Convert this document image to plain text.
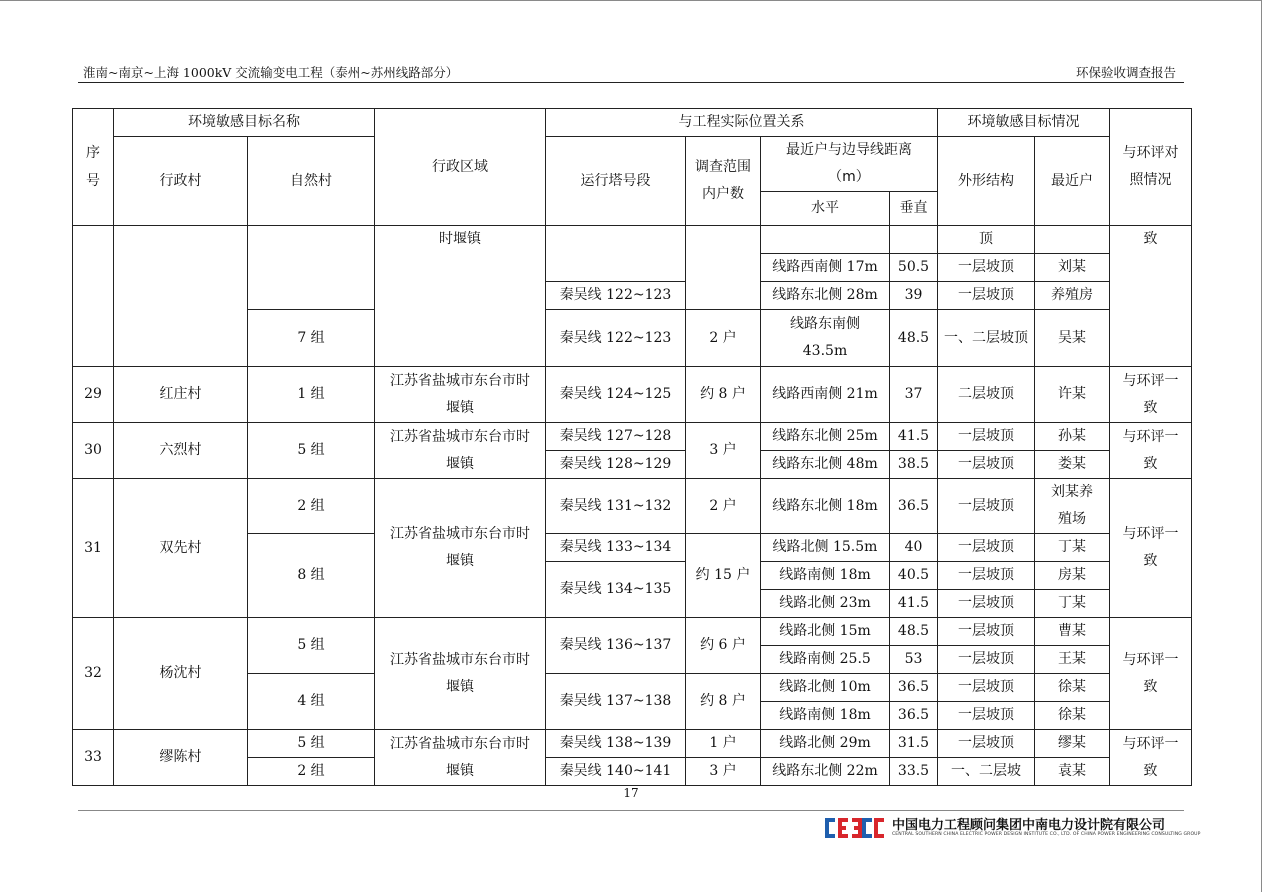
淮南~南京~上海 1000kV 交流输变电工程（泰州~苏州线路部分）	环保验收调查报告
序号	环境敏感目标名称		行政区域	与工程实际位置关系				环境敏感目标情况		与环评对照情况
	行政村	自然村		运行塔号段	调查范围内户数	最近户与边导线距离（m）		外形结构	最近户	
						水平	垂直			
			时堰镇					顶		致
						线路西南侧 17m	50.5	一层坡顶	刘某	
				秦吴线 122~123		线路东北侧 28m	39	一层坡顶	养殖房	
		7 组		秦吴线 122~123	2 户	线路东南侧 43.5m	48.5	一、二层坡顶	吴某	
29	红庄村	1 组	江苏省盐城市东台市时堰镇	秦吴线 124~125	约 8 户	线路西南侧 21m	37	二层坡顶	许某	与环评一致
30	六烈村	5 组	江苏省盐城市东台市时堰镇	秦吴线 127~128	3 户	线路东北侧 25m	41.5	一层坡顶	孙某	与环评一致
				秦吴线 128~129		线路东北侧 48m	38.5	一层坡顶	娄某	
31	双先村	2 组	江苏省盐城市东台市时堰镇	秦吴线 131~132	2 户	线路东北侧 18m	36.5	一层坡顶	刘某养殖场	与环评一致
		8 组		秦吴线 133~134	约 15 户	线路北侧 15.5m	40	一层坡顶	丁某	
				秦吴线 134~135		线路南侧 18m	40.5	一层坡顶	房某	
						线路北侧 23m	41.5	一层坡顶	丁某	
32	杨沈村	5 组	江苏省盐城市东台市时堰镇	秦吴线 136~137	约 6 户	线路北侧 15m	48.5	一层坡顶	曹某	与环评一致
						线路南侧 25.5	53	一层坡顶	王某	
		4 组		秦吴线 137~138	约 8 户	线路北侧 10m	36.5	一层坡顶	徐某	
						线路南侧 18m	36.5	一层坡顶	徐某	
33	缪陈村	5 组	江苏省盐城市东台市时堰镇	秦吴线 138~139	1 户	线路北侧 29m	31.5	一层坡顶	缪某	与环评一致
		2 组		秦吴线 140~141	3 户	线路东北侧 22m	33.5	一、二层坡	袁某	
17
中国电力工程顾问集团中南电力设计院有限公司
CENTRAL SOUTHERN CHINA ELECTRIC POWER DESIGN INSTITUTE CO., LTD. OF CHINA POWER ENGINEERING CONSULTING GROUP
